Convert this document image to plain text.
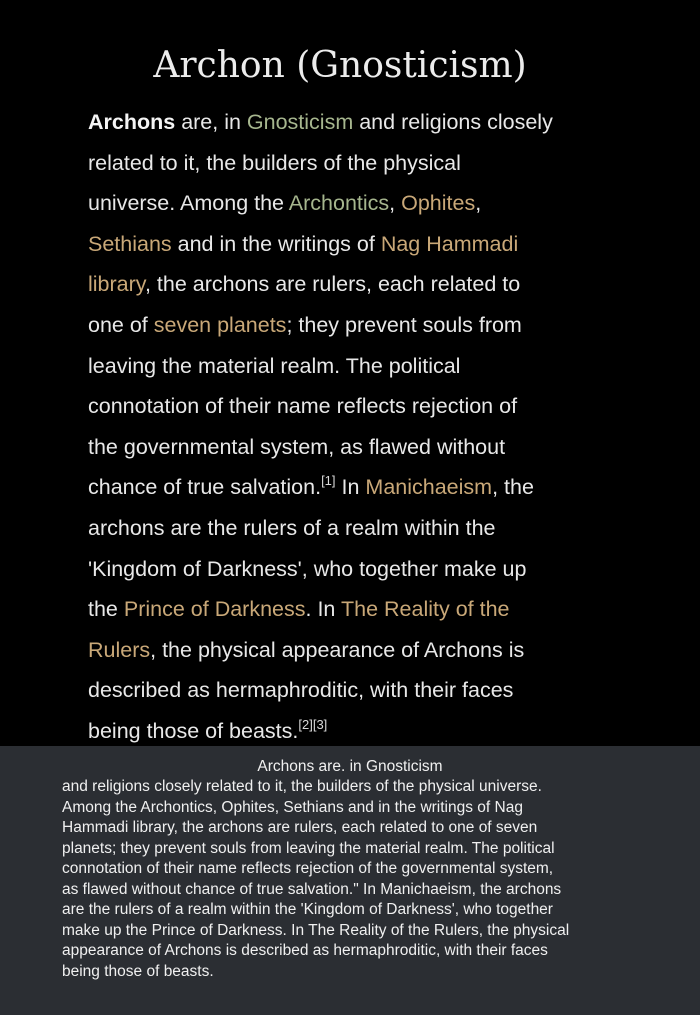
Archon (Gnosticism)
Archons are, in Gnosticism and religions closely
related to it, the builders of the physical
universe. Among the Archontics, Ophites,
Sethians and in the writings of Nag Hammadi
library, the archons are rulers, each related to
one of seven planets; they prevent souls from
leaving the material realm. The political
connotation of their name reflects rejection of
the governmental system, as flawed without
chance of true salvation.[1] In Manichaeism, the
archons are the rulers of a realm within the
'Kingdom of Darkness', who together make up
the Prince of Darkness. In The Reality of the
Rulers, the physical appearance of Archons is
described as hermaphroditic, with their faces
being those of beasts.[2][3]
Archons are. in Gnosticism
and religions closely related to it, the builders of the physical universe.
Among the Archontics, Ophites, Sethians and in the writings of Nag
Hammadi library, the archons are rulers, each related to one of seven
planets; they prevent souls from leaving the material realm. The political
connotation of their name reflects rejection of the governmental system,
as flawed without chance of true salvation." In Manichaeism, the archons
are the rulers of a realm within the 'Kingdom of Darkness', who together
make up the Prince of Darkness. In The Reality of the Rulers, the physical
appearance of Archons is described as hermaphroditic, with their faces
being those of beasts.
